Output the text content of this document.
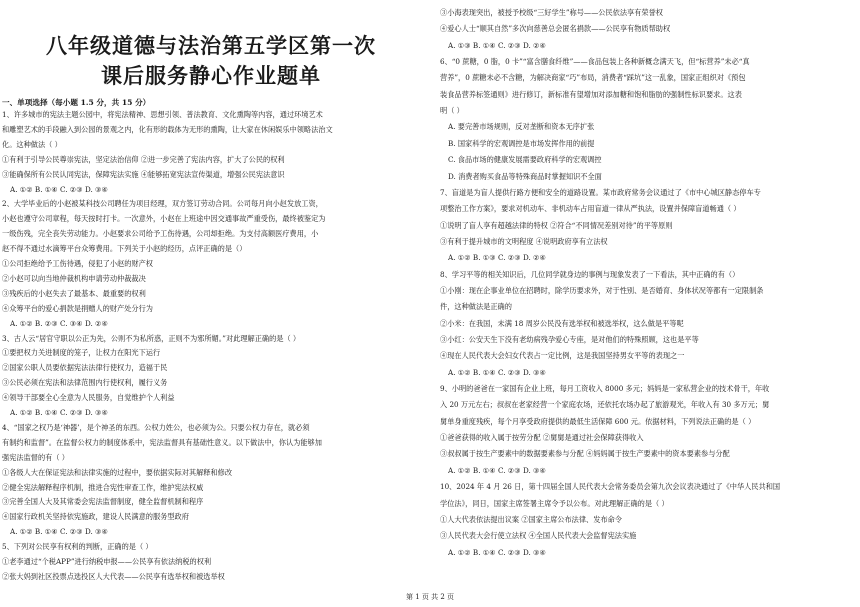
八年级道德与法治第五学区第一次
课后服务静心作业题单
一、单项选择（每小题 1.5 分，共 15 分）
1、许多城市的宪法主题公园中，将宪法精神、思想引领、普法教育、文化熏陶等内容，通过环境艺术
和雕塑艺术的手段融入到公园的景观之内，化有形的载体为无形的熏陶，让大家在休闲娱乐中领略法治文
化。这种做法（ ）
①有利于引导公民尊崇宪法，坚定法治信仰 ②进一步完善了宪法内容，扩大了公民的权利
③能确保所有公民认同宪法，保障宪法实施 ④能够拓宽宪法宣传渠道，增强公民宪法意识
A. ①② B. ①④ C. ②③ D. ③④
2、大学毕业后的小赵被某科技公司聘任为项目经理，双方签订劳动合同。公司每月向小赵发放工资，
小赵也遵守公司章程，每天按时打卡。一次意外，小赵在上班途中因交通事故严重受伤，最终被鉴定为
一级伤残，完全丧失劳动能力。小赵要求公司给予工伤待遇，公司却拒绝。为支付高额医疗费用，小
赵不得不通过水滴筹平台众筹费用。下列关于小赵的经历，点评正确的是（）
①公司拒绝给予工伤待遇，侵犯了小赵的财产权
②小赵可以向当地仲裁机构申请劳动仲裁裁决
③残疾后的小赵失去了最基本、最重要的权利
④众筹平台的爱心捐款是捐赠人的财产处分行为
A. ①② B. ②③ C. ③④ D. ②④
3、古人云“居官守职以公正为先，公则不为私所惑，正则不为邪所媚。”对此理解正确的是（ ）
①要把权力关进制度的笼子，让权力在阳光下运行
②国家公职人员要依据宪法法律行使权力，造福于民
③公民必须在宪法和法律范围内行使权利，履行义务
④领导干部要全心全意为人民服务，自觉维护个人利益
A. ①② B. ①④ C. ②③ D. ③④
4、“国家之权乃是‘神器’，是个神圣的东西。公权力姓公，也必须为公。只要公权力存在，就必须
有制约和监督”。在监督公权力的制度体系中，宪法监督具有基础性意义。以下做法中，你认为能够加
强宪法监督的有（ ）
①各级人大在保证宪法和法律实施的过程中，要依据实际对其解释和修改
②健全宪法解释程序机制，推进合宪性审查工作，维护宪法权威
③完善全国人大及其常委会宪法监督制度，健全监督机制和程序
④国家行政机关坚持依宪施政，建设人民满意的服务型政府
A. ①② B. ①④ C. ②③ D. ③④
5、下列对公民享有权利的判断，正确的是（ ）
①老李通过“个税APP”进行纳税申报——公民享有依法纳税的权利
②张大妈到社区投票点选投区人大代表——公民享有选举权和被选举权
③小海表现突出，被授予校级“三好学生”称号——公民依法享有荣誉权
④爱心人士“顺其自然”多次向慈善总会匿名捐款——公民享有物质帮助权
A. ①③ B. ①④ C. ②③ D. ②④
6、“0 蔗糖，0 脂，0 卡”“富含膳食纤维”——食品包装上各种新概念满天飞，但“标营养”未必“真
营养”，0 蔗糖未必不含糖，为解决商家“巧”布局，消费者“踩坑”这一乱象，国家正组织对《预包
装食品营养标签通则》进行修订，新标准有望增加对添加糖和饱和脂肪的强制性标识要求。这表
明（ ）
A. 要完善市场规则，反对垄断和资本无序扩张
B. 国家科学的宏观调控是市场发挥作用的前提
C. 食品市场的健康发展需要政府科学的宏观调控
D. 消费者购买食品等特殊商品时掌握知识不全面
7、盲道是为盲人提供行路方便和安全的道路设置。某市政府常务会议通过了《市中心城区静态停车专
项整治工作方案》，要求对机动车、非机动车占用盲道一律从严执法，设置并保障盲道畅通（ ）
①说明了盲人享有超越法律的特权 ②符合“不同情况差别对待”的平等原则
③有利于提升城市的文明程度 ④说明政府享有立法权
A. ①② B. ①③ C. ②③ D. ②④
8、学习平等的相关知识后，几位同学就身边的事例与现象发表了一下看法，其中正确的有（）
①小刚：现在企事业单位在招聘时，除学历要求外，对于性别、是否婚育、身体状况等都有一定限制条
件，这种做法是正确的
②小米：在我国，未满 18 周岁公民没有选举权和被选举权，这么做是平等呢
③小红：公安天生下没有老幼病残孕爱心专座，是对他们的特殊照顾，这也是平等
④现在人民代表大会妇女代表占一定比例，这是我国坚持男女平等的表现之一
A. ①② B. ①④ C. ②③ D. ③④
9、小明的爸爸在一家国有企业上班，每月工资收入 8000 多元；妈妈是一家私营企业的技术骨干，年收
入 20 万元左右；叔叔在老家经营一个家庭农场，还依托农场办起了旅游观光，年收入有 30 多万元；舅
舅单身重度残疾，每个月享受政府提供的最低生活保障 600 元。依据材料，下列说法正确的是（ ）
①爸爸获得的收入属于按劳分配 ②舅舅是通过社会保障获得收入
③叔叔属于按生产要素中的数据要素参与分配 ④妈妈属于按生产要素中的资本要素参与分配
A. ①② B. ①④ C. ②③ D. ③④
10、2024 年 4 月 26 日，第十四届全国人民代表大会常务委员会第九次会议表决通过了《中华人民共和国
学位法》，同日，国家主席签署主席令予以公布。对此理解正确的是（ ）
①人大代表依法提出议案 ②国家主席公布法律、发布命令
③人民代表大会行使立法权 ④全国人民代表大会监督宪法实施
A. ①② B. ①④ C. ②③ D. ③④
第 1 页 共 2 页
